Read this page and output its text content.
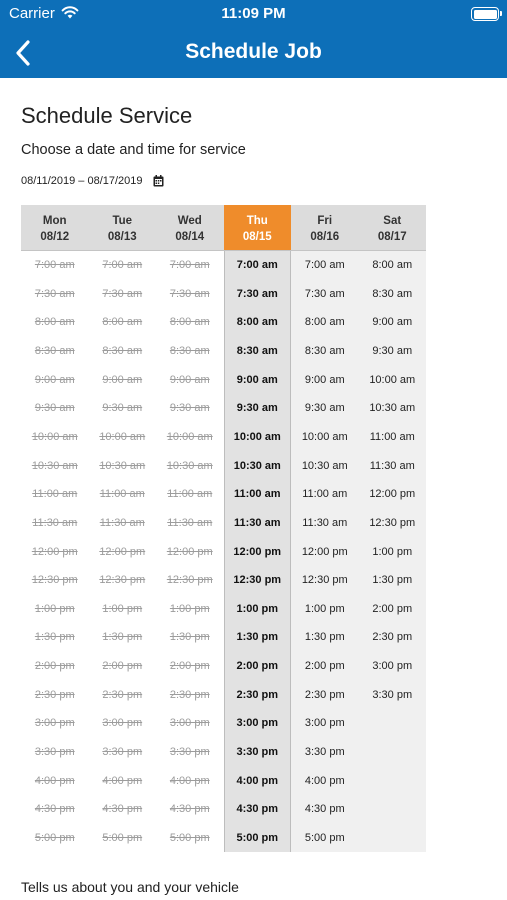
Carrier	11:09 PM
Schedule Job
Schedule Service
Choose a date and time for service
08/11/2019 – 08/17/2019
Mon
08/12
7:00 am
7:30 am
8:00 am
8:30 am
9:00 am
9:30 am
10:00 am
10:30 am
11:00 am
11:30 am
12:00 pm
12:30 pm
1:00 pm
1:30 pm
2:00 pm
2:30 pm
3:00 pm
3:30 pm
4:00 pm
4:30 pm
5:00 pm
Tue
08/13
7:00 am
7:30 am
8:00 am
8:30 am
9:00 am
9:30 am
10:00 am
10:30 am
11:00 am
11:30 am
12:00 pm
12:30 pm
1:00 pm
1:30 pm
2:00 pm
2:30 pm
3:00 pm
3:30 pm
4:00 pm
4:30 pm
5:00 pm
Wed
08/14
7:00 am
7:30 am
8:00 am
8:30 am
9:00 am
9:30 am
10:00 am
10:30 am
11:00 am
11:30 am
12:00 pm
12:30 pm
1:00 pm
1:30 pm
2:00 pm
2:30 pm
3:00 pm
3:30 pm
4:00 pm
4:30 pm
5:00 pm
Thu
08/15
7:00 am
7:30 am
8:00 am
8:30 am
9:00 am
9:30 am
10:00 am
10:30 am
11:00 am
11:30 am
12:00 pm
12:30 pm
1:00 pm
1:30 pm
2:00 pm
2:30 pm
3:00 pm
3:30 pm
4:00 pm
4:30 pm
5:00 pm
Fri
08/16
7:00 am
7:30 am
8:00 am
8:30 am
9:00 am
9:30 am
10:00 am
10:30 am
11:00 am
11:30 am
12:00 pm
12:30 pm
1:00 pm
1:30 pm
2:00 pm
2:30 pm
3:00 pm
3:30 pm
4:00 pm
4:30 pm
5:00 pm
Sat
08/17
8:00 am
8:30 am
9:00 am
9:30 am
10:00 am
10:30 am
11:00 am
11:30 am
12:00 pm
12:30 pm
1:00 pm
1:30 pm
2:00 pm
2:30 pm
3:00 pm
3:30 pm
Tells us about you and your vehicle
